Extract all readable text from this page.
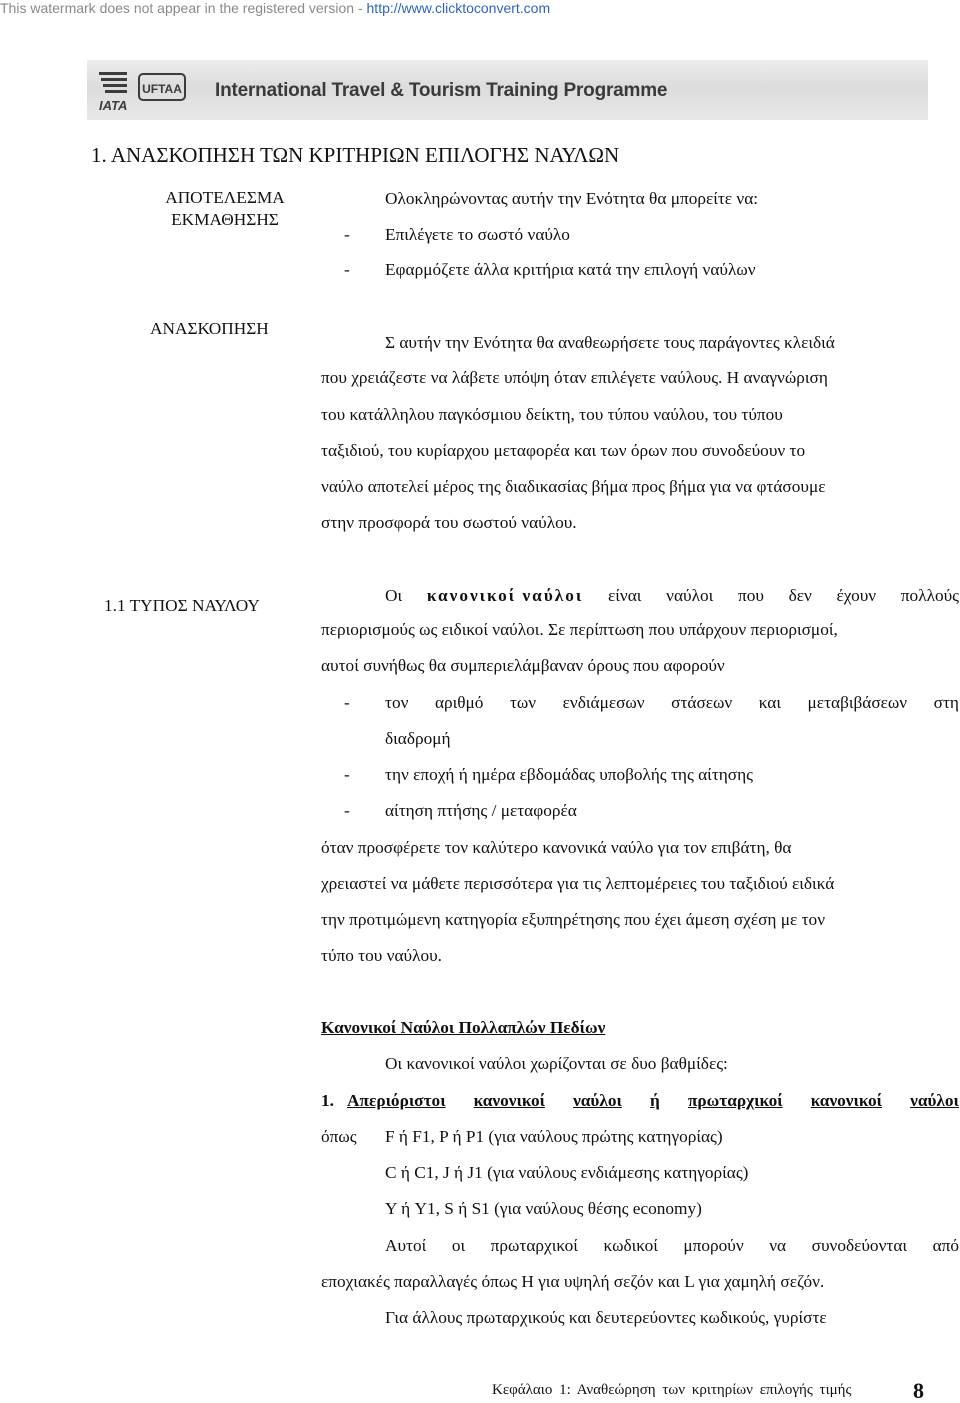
This watermark does not appear in the registered version - http://www.clicktoconvert.com
UFTAA
IATA
International Travel & Tourism Training Programme
1. ΑΝΑΣΚΟΠΗΣΗ ΤΩΝ ΚΡΙΤΗΡΙΩΝ ΕΠΙΛΟΓΗΣ ΝΑΥΛΩΝ
ΑΠΟΤΕΛΕΣΜΑ
ΕΚΜΑΘΗΣΗΣ
Ολοκληρώνοντας αυτήν την Ενότητα θα μπορείτε να:
- Επιλέγετε το σωστό ναύλο
- Εφαρμόζετε άλλα κριτήρια κατά την επιλογή ναύλων
ΑΝΑΣΚΟΠΗΣΗ
Σ αυτήν την Ενότητα θα αναθεωρήσετε τους παράγοντες κλειδιά
που χρειάζεστε να λάβετε υπόψη όταν επιλέγετε ναύλους. Η αναγνώριση
του κατάλληλου παγκόσμιου δείκτη, του τύπου ναύλου, του τύπου
ταξιδιού, του κυρίαρχου μεταφορέα και των όρων που συνοδεύουν το
ναύλο αποτελεί μέρος της διαδικασίας βήμα προς βήμα για να φτάσουμε
στην προσφορά του σωστού ναύλου.
1.1 ΤΥΠΟΣ ΝΑΥΛΟΥ
Οι κανονικοί ναύλοι είναι ναύλοι που δεν έχουν πολλούς
περιορισμούς ως ειδικοί ναύλοι. Σε περίπτωση που υπάρχουν περιορισμοί,
αυτοί συνήθως θα συμπεριελάμβαναν όρους που αφορούν
- τον αριθμό των ενδιάμεσων στάσεων και μεταβιβάσεων στη
διαδρομή
- την εποχή ή ημέρα εβδομάδας υποβολής της αίτησης
- αίτηση πτήσης / μεταφορέα
όταν προσφέρετε τον καλύτερο κανονικά ναύλο για τον επιβάτη, θα
χρειαστεί να μάθετε περισσότερα για τις λεπτομέρειες του ταξιδιού ειδικά
την προτιμώμενη κατηγορία εξυπηρέτησης που έχει άμεση σχέση με τον
τύπο του ναύλου.
Κανονικοί Ναύλοι Πολλαπλών Πεδίων
Οι κανονικοί ναύλοι χωρίζονται σε δυο βαθμίδες:
1. Απεριόριστοι κανονικοί ναύλοι ή πρωταρχικοί κανονικοί ναύλοι
όπως F ή F1, P ή P1 (για ναύλους πρώτης κατηγορίας)
C ή C1, J ή J1 (για ναύλους ενδιάμεσης κατηγορίας)
Y ή Y1, S ή S1 (για ναύλους θέσης economy)
Αυτοί οι πρωταρχικοί κωδικοί μπορούν να συνοδεύονται από
εποχιακές παραλλαγές όπως H για υψηλή σεζόν και L για χαμηλή σεζόν.
Για άλλους πρωταρχικούς και δευτερεύοντες κωδικούς, γυρίστε
Κεφάλαιο 1: Αναθεώρηση των κριτηρίων επιλογής τιμής	8
